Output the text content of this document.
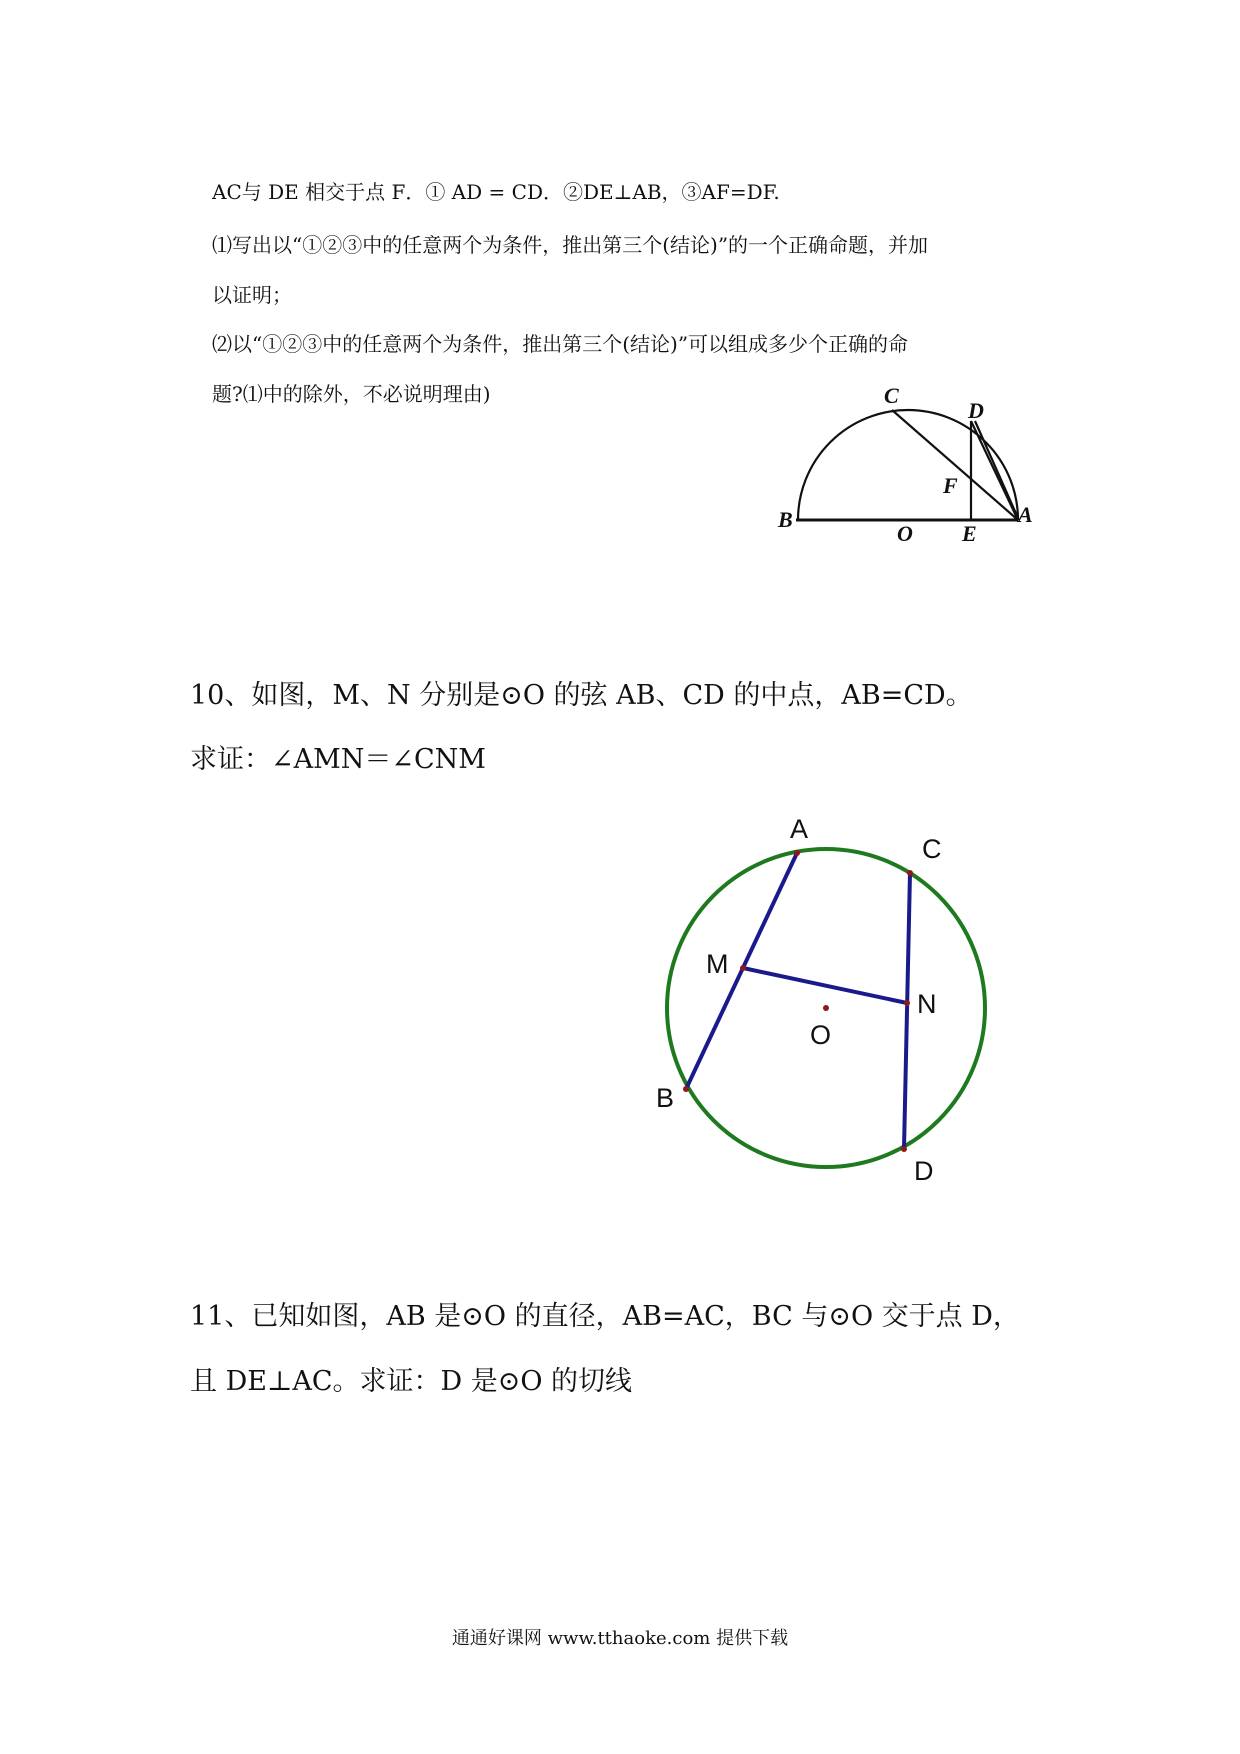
AC与 DE 相交于点 F．① AD = CD．②DE⊥AB，③AF=DF.
⑴写出以“①②③中的任意两个为条件，推出第三个(结论)”的一个正确命题，并加
以证明；
⑵以“①②③中的任意两个为条件，推出第三个(结论)”可以组成多少个正确的命
题?⑴中的除外，不必说明理由)	C
D
F
B
O E
A
A
C
M
N
O
B
D
10、如图，M、N 分别是⊙O 的弦 AB、CD 的中点，AB=CD。
求证：∠AMN＝∠CNM
11、已知如图，AB 是⊙O 的直径，AB=AC，BC 与⊙O 交于点 D，
且 DE⊥AC。求证：D 是⊙O 的切线
通通好课网 www.tthaoke.com 提供下载
